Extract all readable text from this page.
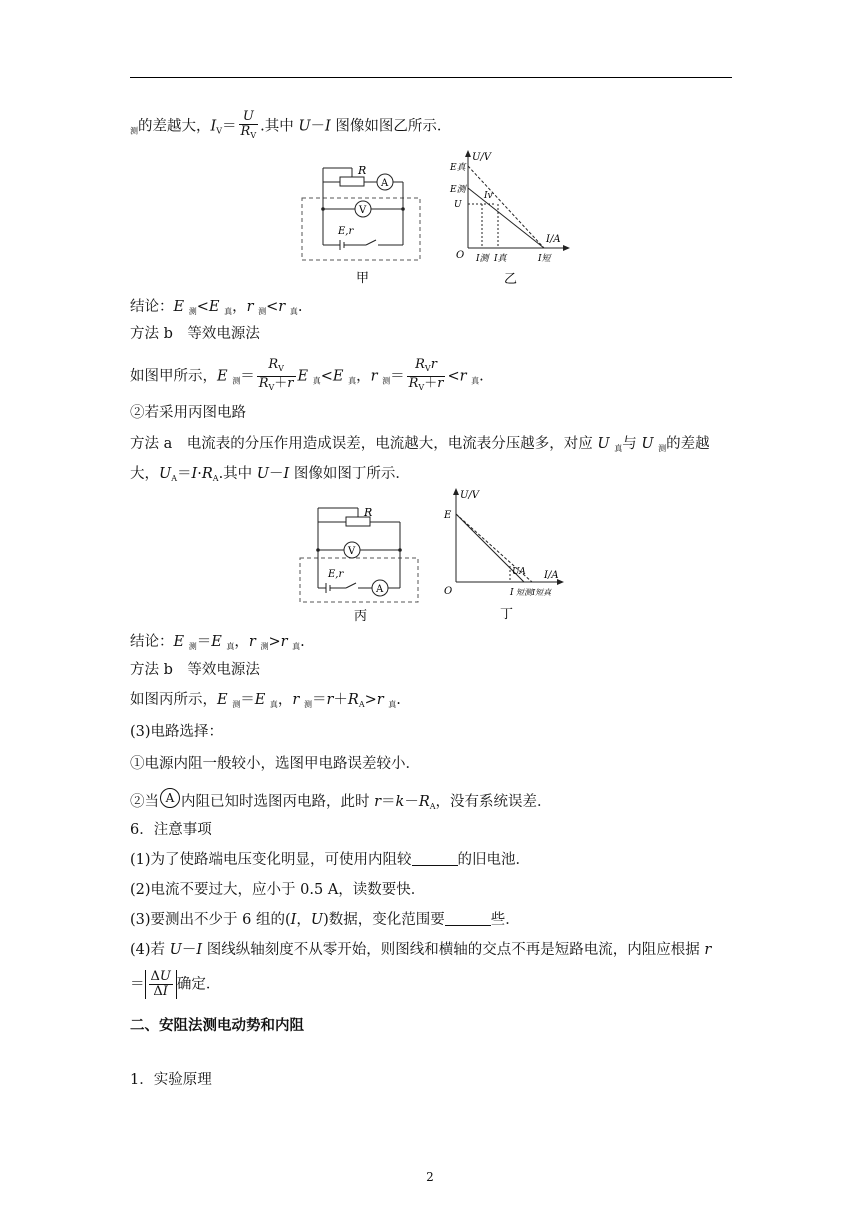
$_测$的差越大，$I_V= \frac{U}{R_V}$ .其中 U－I 图像如图乙所示．
A
R
V
E,r
甲
U/V
I/A
O
E真
E测
U
Iv
I测 I真	I短
乙
结论：E $_测$<E $_真$，r $_测$<r $_真$.
方法 b　等效电源法
如图甲所示，E $_测= \frac{R_V}{R_V+r}$ E $_真$<E $_真$，r $_测= \frac{R_Vr}{R_V+r} <r$ $_真$.
②若采用丙图电路
方法 a　电流表的分压作用造成误差，电流越大，电流表分压越多，对应 U $_真$与 U $_测$的差越
大，$U_A=I\cdot R_A$.其中 U－I 图像如图丁所示．
R
V
A
E,r
丙
U/V
I/A
O
E
UA
I 短测I短真
丁
结论：E $_测$＝E $_真$，r $_测$>r $_真$.
方法 b　等效电源法
如图丙所示，E $_测$＝E $_真$，r $_测=r+R_A>r$ $_真$.
(3)电路选择：
①电源内阻一般较小，选图甲电路误差较小．
②当 A 内阻已知时选图丙电路，此时 $r=k-R_A$，没有系统误差．
6．注意事项
(1)为了使路端电压变化明显，可使用内阻较	的旧电池．
(2)电流不要过大，应小于 0.5 A，读数要快．
(3)要测出不少于 6 组的(I，U)数据，变化范围要	些．
(4)若 U－I 图线纵轴刻度不从零开始，则图线和横轴的交点不再是短路电流，内阻应根据 r
＝ $\frac{\Delta U}{\Delta I}$ 确定．
二、安阻法测电动势和内阻
1．实验原理
2
